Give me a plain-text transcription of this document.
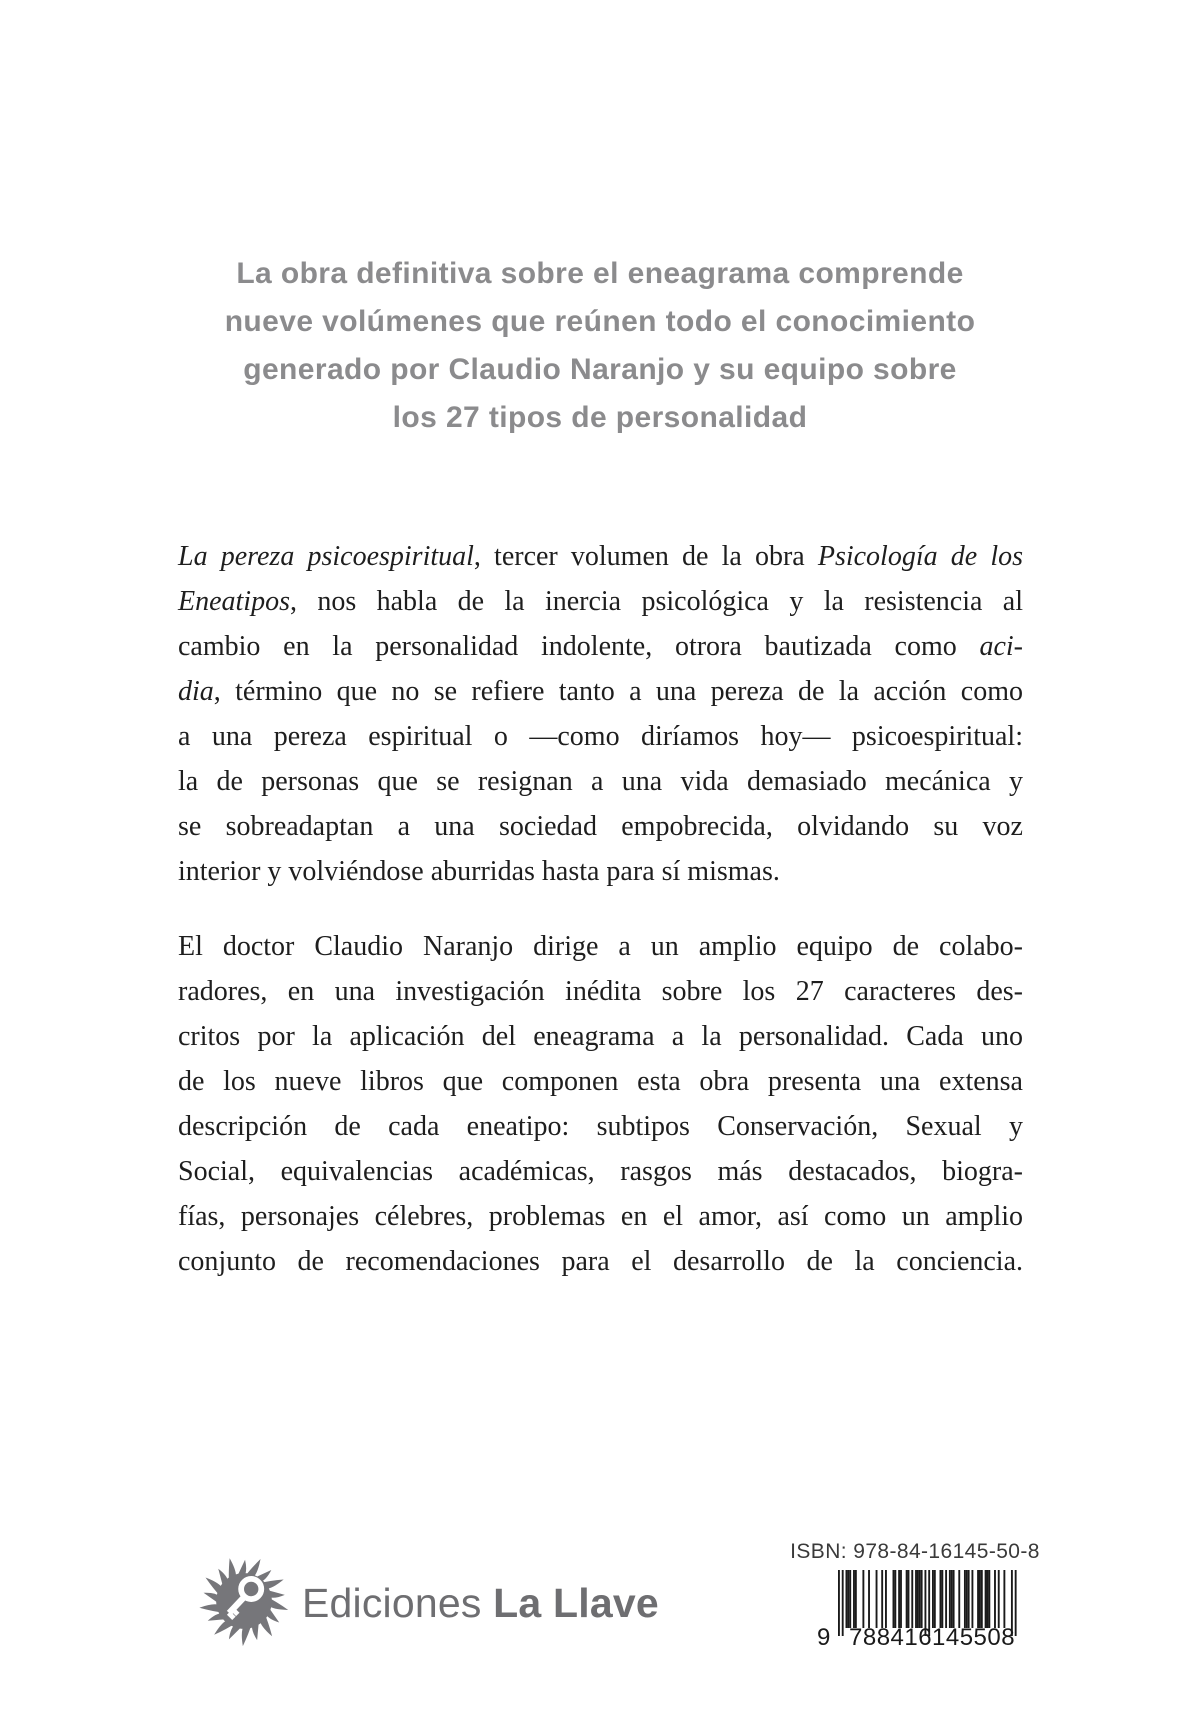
La obra definitiva sobre el eneagrama comprende
nueve volúmenes que reúnen todo el conocimiento
generado por Claudio Naranjo y su equipo sobre
los 27 tipos de personalidad
La pereza psicoespiritual, tercer volumen de la obra Psicología de los
Eneatipos, nos habla de la inercia psicológica y la resistencia al
cambio en la personalidad indolente, otrora bautizada como aci-
dia, término que no se refiere tanto a una pereza de la acción como
a una pereza espiritual o —como diríamos hoy— psicoespiritual:
la de personas que se resignan a una vida demasiado mecánica y
se sobreadaptan a una sociedad empobrecida, olvidando su voz
interior y volviéndose aburridas hasta para sí mismas.
El doctor Claudio Naranjo dirige a un amplio equipo de colabo-
radores, en una investigación inédita sobre los 27 caracteres des-
critos por la aplicación del eneagrama a la personalidad. Cada uno
de los nueve libros que componen esta obra presenta una extensa
descripción de cada eneatipo: subtipos Conservación, Sexual y
Social, equivalencias académicas, rasgos más destacados, biogra-
fías, personajes célebres, problemas en el amor, así como un amplio
conjunto de recomendaciones para el desarrollo de la conciencia.
Ediciones La Llave
ISBN: 978-84-16145-50-8
9 788416 145508
